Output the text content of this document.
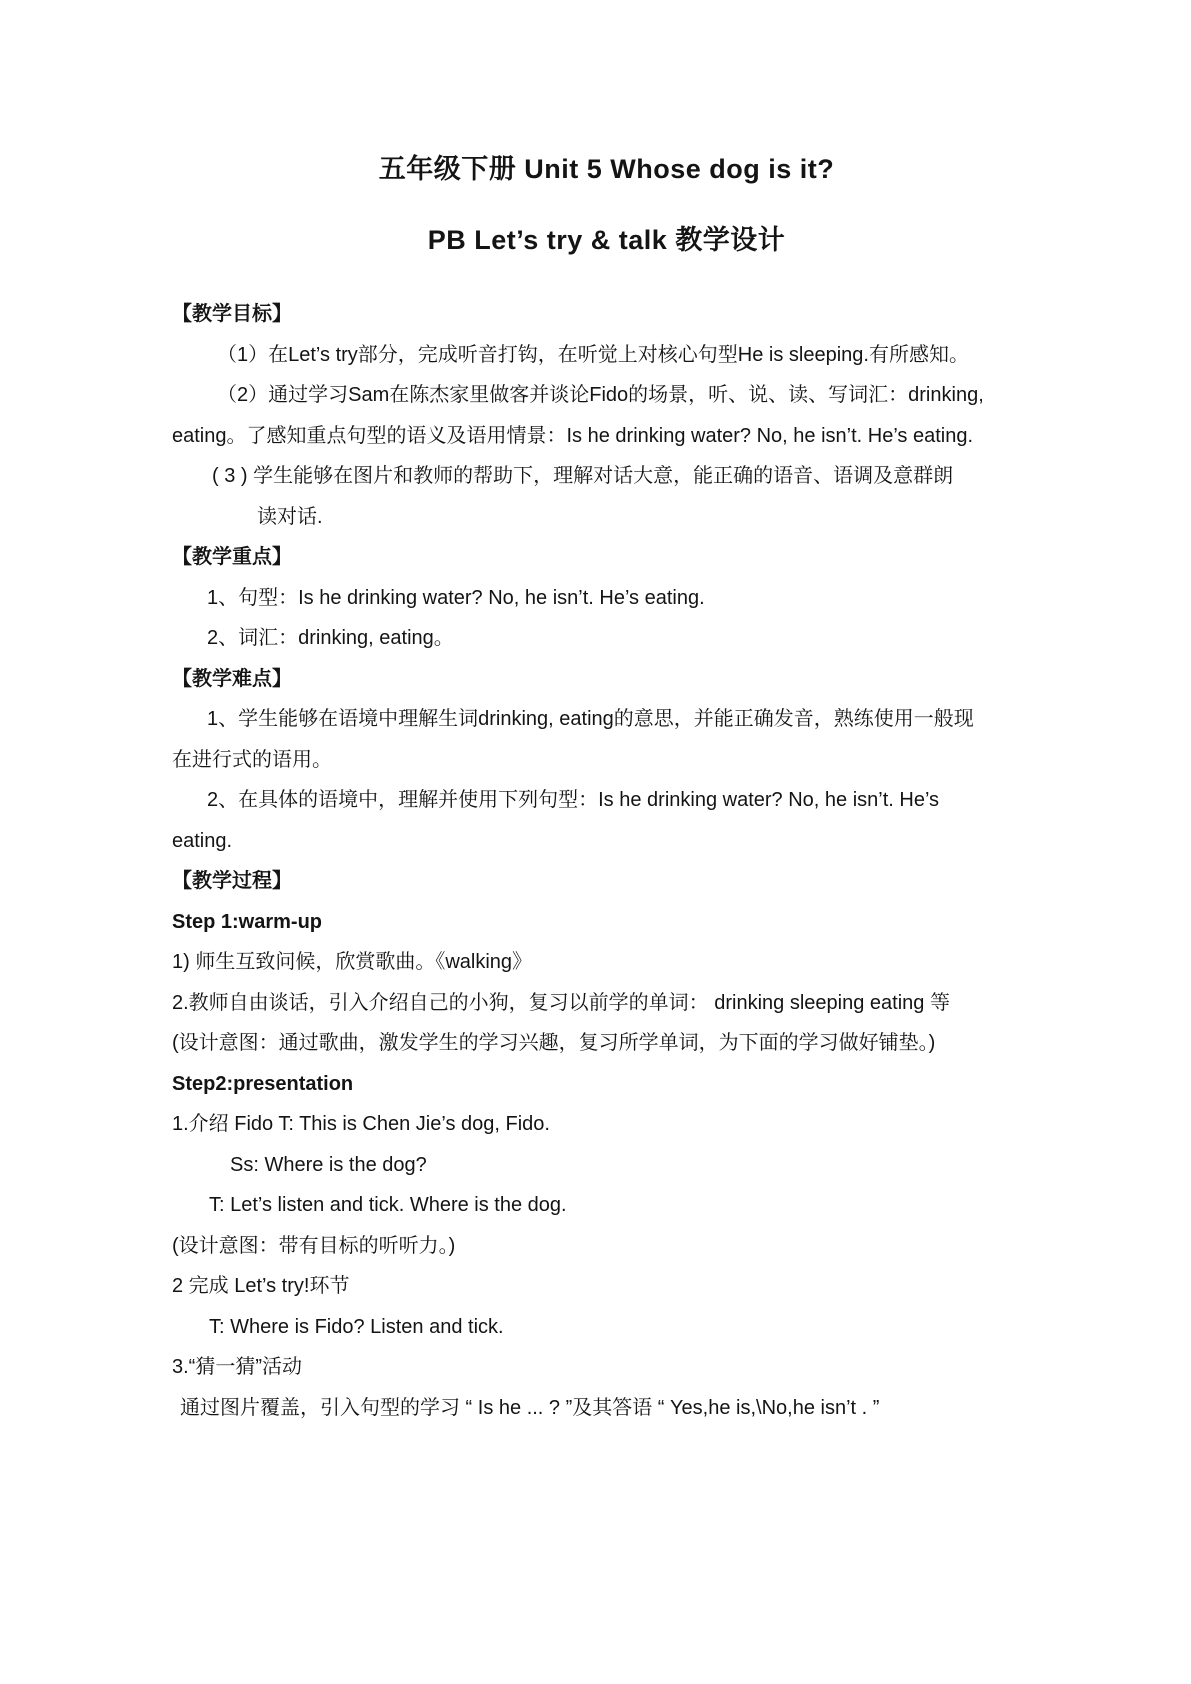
五年级下册 Unit 5 Whose dog is it?
PB Let’s try & talk 教学设计
【教学目标】
（1）在Let’s try部分，完成听音打钩，在听觉上对核心句型He is sleeping.有所感知。
（2）通过学习Sam在陈杰家里做客并谈论Fido的场景，听、说、读、写词汇：drinking,
eating。了感知重点句型的语义及语用情景：Is he drinking water? No, he isn’t. He’s eating.
( 3 ) 学生能够在图片和教师的帮助下，理解对话大意，能正确的语音、语调及意群朗
读对话.
【教学重点】
1、句型：Is he drinking water? No, he isn’t. He’s eating.
2、词汇：drinking, eating。
【教学难点】
1、学生能够在语境中理解生词drinking, eating的意思，并能正确发音，熟练使用一般现
在进行式的语用。
2、在具体的语境中，理解并使用下列句型：Is he drinking water? No, he isn’t. He’s
eating.
【教学过程】
Step 1:warm-up
1) 师生互致问候，欣赏歌曲。《walking》
2.教师自由谈话，引入介绍自己的小狗，复习以前学的单词： drinking sleeping eating 等
(设计意图：通过歌曲，激发学生的学习兴趣，复习所学单词，为下面的学习做好铺垫。)
Step2:presentation
1.介绍 Fido T: This is Chen Jie’s dog, Fido.
Ss: Where is the dog?
T: Let’s listen and tick. Where is the dog.
(设计意图：带有目标的听听力。)
2 完成 Let’s try!环节
T: Where is Fido? Listen and tick.
3.“猜一猜”活动
通过图片覆盖，引入句型的学习 “ Is he ... ? ”及其答语 “ Yes,he is,\No,he isn’t . ”
